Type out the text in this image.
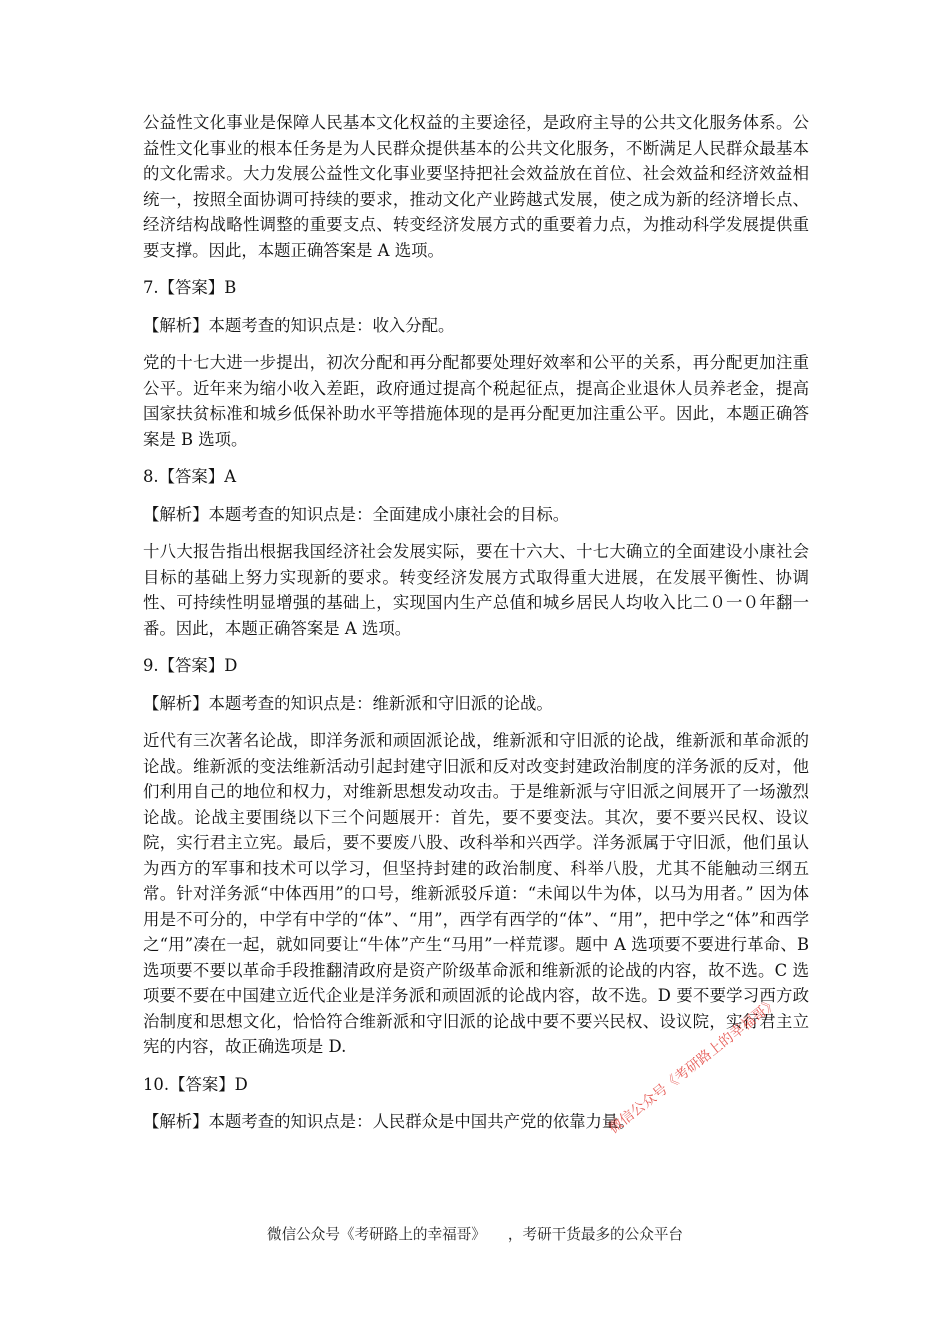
公益性文化事业是保障人民基本文化权益的主要途径，是政府主导的公共文化服务体系。公益性文化事业的根本任务是为人民群众提供基本的公共文化服务，不断满足人民群众最基本的文化需求。大力发展公益性文化事业要坚持把社会效益放在首位、社会效益和经济效益相统一，按照全面协调可持续的要求，推动文化产业跨越式发展，使之成为新的经济增长点、经济结构战略性调整的重要支点、转变经济发展方式的重要着力点，为推动科学发展提供重要支撑。因此，本题正确答案是 A 选项。

7.【答案】B

【解析】本题考查的知识点是：收入分配。

党的十七大进一步提出，初次分配和再分配都要处理好效率和公平的关系，再分配更加注重公平。近年来为缩小收入差距，政府通过提高个税起征点，提高企业退休人员养老金，提高国家扶贫标准和城乡低保补助水平等措施体现的是再分配更加注重公平。因此，本题正确答案是 B 选项。

8.【答案】A

【解析】本题考查的知识点是：全面建成小康社会的目标。

十八大报告指出根据我国经济社会发展实际，要在十六大、十七大确立的全面建设小康社会目标的基础上努力实现新的要求。转变经济发展方式取得重大进展，在发展平衡性、协调性、可持续性明显增强的基础上，实现国内生产总值和城乡居民人均收入比二０一０年翻一番。因此，本题正确答案是 A 选项。

9.【答案】D

【解析】本题考查的知识点是：维新派和守旧派的论战。

近代有三次著名论战，即洋务派和顽固派论战，维新派和守旧派的论战，维新派和革命派的论战。维新派的变法维新活动引起封建守旧派和反对改变封建政治制度的洋务派的反对，他们利用自己的地位和权力，对维新思想发动攻击。于是维新派与守旧派之间展开了一场激烈论战。论战主要围绕以下三个问题展开：首先，要不要变法。其次，要不要兴民权、设议院，实行君主立宪。最后，要不要废八股、改科举和兴西学。洋务派属于守旧派，他们虽认为西方的军事和技术可以学习，但坚持封建的政治制度、科举八股，尤其不能触动三纲五常。针对洋务派“中体西用”的口号，维新派驳斥道：“未闻以牛为体，以马为用者。” 因为体用是不可分的，中学有中学的“体”、“用”，西学有西学的“体”、“用”，把中学之“体”和西学之“用”凑在一起，就如同要让“牛体”产生“马用”一样荒谬。题中 A 选项要不要进行革命、B 选项要不要以革命手段推翻清政府是资产阶级革命派和维新派的论战的内容，故不选。C 选项要不要在中国建立近代企业是洋务派和顽固派的论战内容，故不选。D 要不要学习西方政治制度和思想文化，恰恰符合维新派和守旧派的论战中要不要兴民权、设议院，实行君主立宪的内容，故正确选项是 D.

10.【答案】D

【解析】本题考查的知识点是：人民群众是中国共产党的依靠力量。

微信公众号《考研路上的幸福哥》
微信公众号《考研路上的幸福哥》 ，考研干货最多的公众平台
